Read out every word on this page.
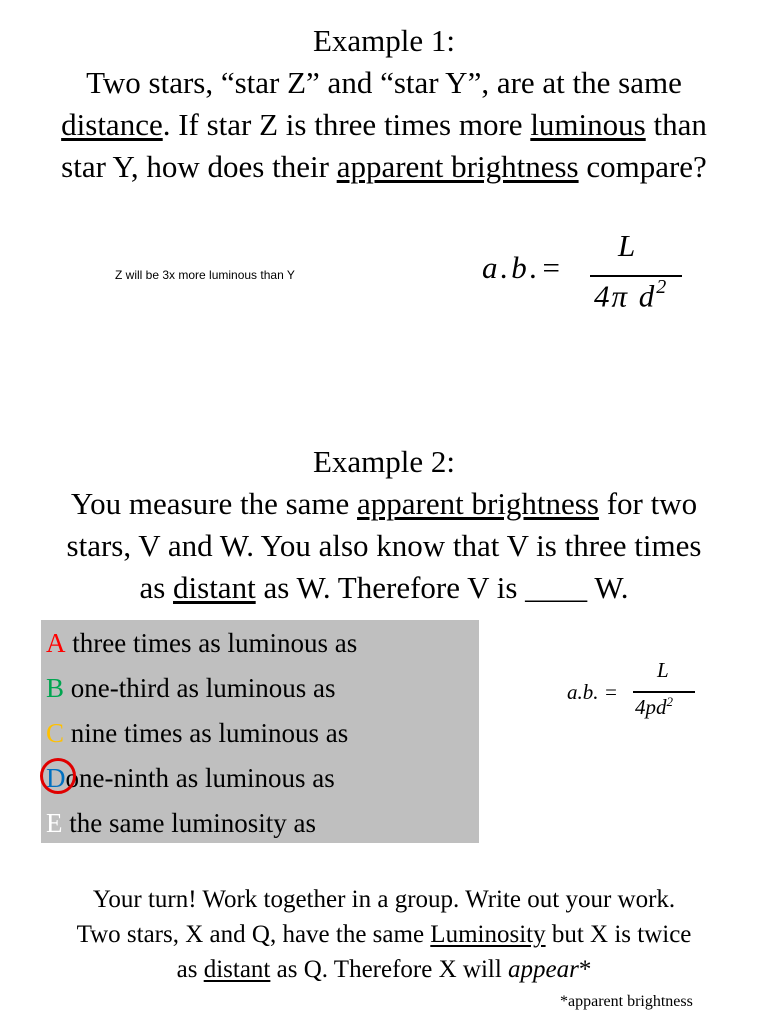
Example 1:
Two stars, “star Z” and “star Y”, are at the same
distance. If star Z is three times more luminous than
star Y, how does their apparent brightness compare?
Z will be 3x more luminous than Y	a.b.=
L
4π $d^2$
Example 2:
You measure the same apparent brightness for two
stars, V and W. You also know that V is three times
as distant as W. Therefore V is ____ W.
A three times as luminous as
B one-third as luminous as
C nine times as luminous as
Done-ninth as luminous as
E the same luminosity as
a.b. =
L
$4pd^2$
Your turn! Work together in a group. Write out your work.
Two stars, X and Q, have the same Luminosity but X is twice
as distant as Q. Therefore X will appear*
*apparent brightness
